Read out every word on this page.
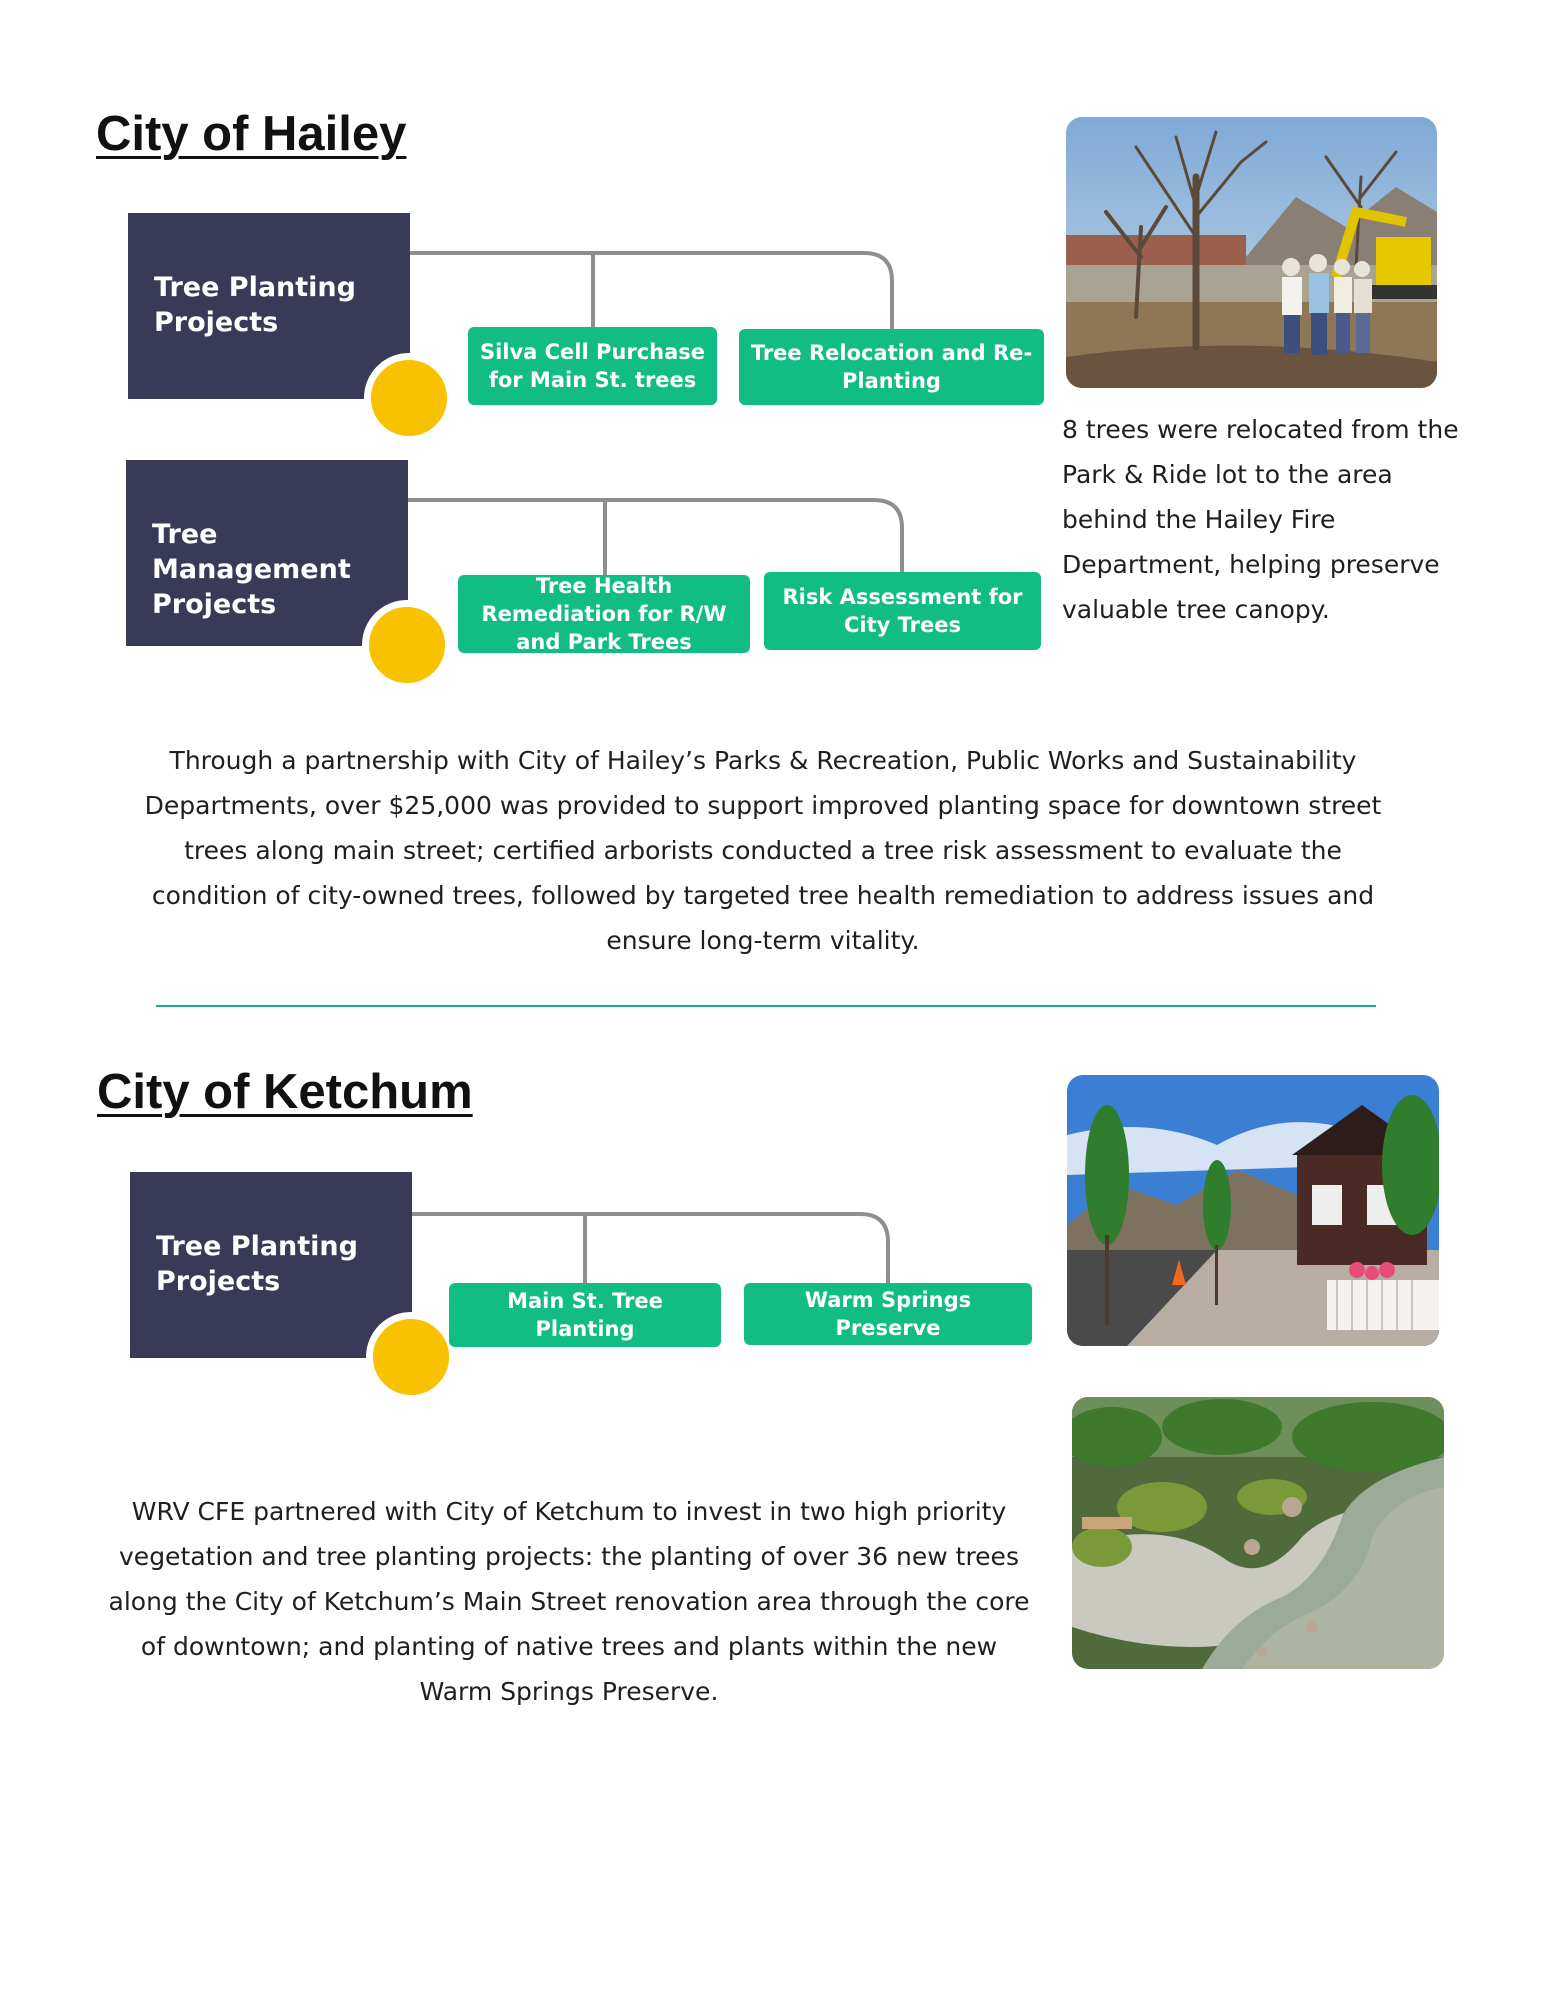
City of Hailey

Tree Planting
Projects

Silva Cell Purchase for Main St. trees
Tree Relocation and Re-Planting

Tree
Management
Projects

Tree Health Remediation for R/W and Park Trees
Risk Assessment for City Trees
8 trees were relocated from the Park & Ride lot to the area behind the Hailey Fire Department, helping preserve valuable tree canopy.
Through a partnership with City of Hailey’s Parks & Recreation, Public Works and Sustainability Departments, over $25,000 was provided to support improved planting space for downtown street trees along main street; certified arborists conducted a tree risk assessment to evaluate the condition of city-owned trees, followed by targeted tree health remediation to address issues and ensure long-term vitality.
City of Ketchum

Tree Planting
Projects

Main St. Tree Planting
Warm Springs Preserve
WRV CFE partnered with City of Ketchum to invest in two high priority vegetation and tree planting projects: the planting of over 36 new trees along the City of Ketchum’s Main Street renovation area through the core of downtown; and planting of native trees and plants within the new Warm Springs Preserve.
